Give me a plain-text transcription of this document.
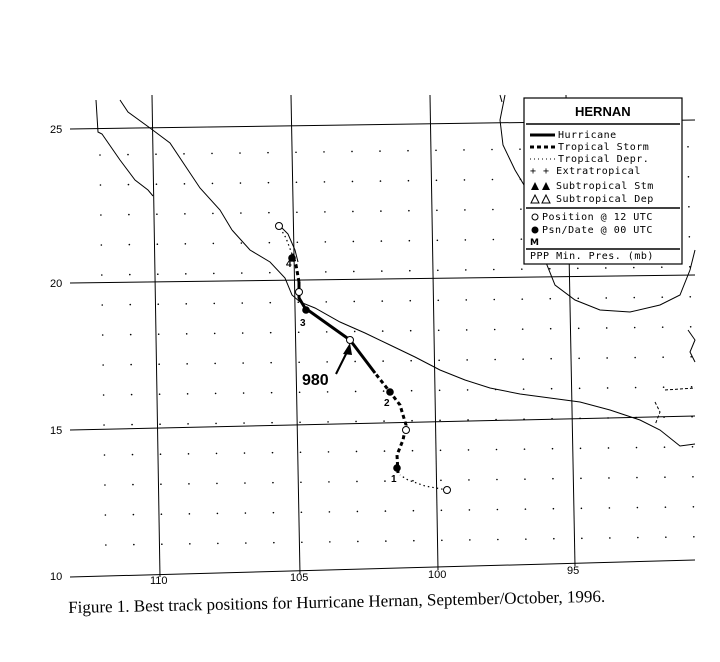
1
2
3
4
980
25
20
15
10	110	105	100	95
HERNAN
Hurricane
Tropical Storm
Tropical Depr.
+ + Extratropical
Subtropical Stm
Subtropical Dep
Position @ 12 UTC
Psn/Date @ 00 UTC
M
PPP Min. Pres. (mb)
Figure 1. Best track positions for Hurricane Hernan, September/October, 1996.
